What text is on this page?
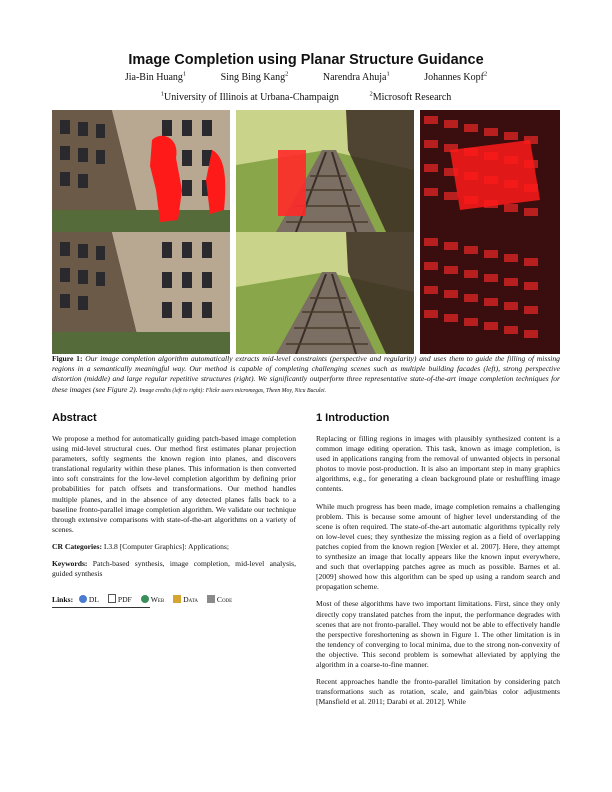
Image Completion using Planar Structure Guidance
Jia-Bin Huang$^1$	Sing Bing Kang$^2$	Narendra Ahuja$^1$	Johannes Kopf$^2$
$^1$University of Illinois at Urbana-Champaign	$^2$Microsoft Research
Figure 1: Our image completion algorithm automatically extracts mid-level constraints (perspective and regularity) and uses them to guide the filling of missing regions in a semantically meaningful way. Our method is capable of completing challenging scenes such as multiple building facades (left), strong perspective distortion (middle) and large regular repetitive structures (right). We significantly outperform three representative state-of-the-art image completion techniques for these images (see Figure 2). Image credits (left to right): Flickr users micromegas, Theen Moy, Nicu Buculei.
Abstract

We propose a method for automatically guiding patch-based image completion using mid-level structural cues. Our method first estimates planar projection parameters, softly segments the known region into planes, and discovers translational regularity within these planes. This information is then converted into soft constraints for the low-level completion algorithm by defining prior probabilities for patch offsets and transformations. Our method handles multiple planes, and in the absence of any detected planes falls back to a baseline fronto-parallel image completion algorithm. We validate our technique through extensive comparisons with state-of-the-art algorithms on a variety of scenes.

CR Categories: I.3.8 [Computer Graphics]: Applications;

Keywords: Patch-based synthesis, image completion, mid-level analysis, guided synthesis

Links: DL PDF Web Data Code
1 Introduction

Replacing or filling regions in images with plausibly synthesized content is a common image editing operation. This task, known as image completion, is used in applications ranging from the removal of unwanted objects in personal photos to movie post-production. It is also an important step in many graphics algorithms, e.g., for generating a clean background plate or reshuffling image contents.

While much progress has been made, image completion remains a challenging problem. This is because some amount of higher level understanding of the scene is often required. The state-of-the-art automatic algorithms typically rely on low-level cues; they synthesize the missing region as a field of overlapping patches copied from the known region [Wexler et al. 2007]. Here, they attempt to synthesize an image that locally appears like the known input everywhere, and such that overlapping patches agree as much as possible. Barnes et al. [2009] showed how this algorithm can be sped up using a random search and propagation scheme.

Most of these algorithms have two important limitations. First, since they only directly copy translated patches from the input, the performance degrades with scenes that are not fronto-parallel. They would not be able to effectively handle the perspective foreshortening as shown in Figure 1. The other limitation is in the tendency of converging to local minima, due to the strong non-convexity of the objective. This second problem is somewhat alleviated by applying the algorithm in a coarse-to-fine manner.

Recent approaches handle the fronto-parallel limitation by considering patch transformations such as rotation, scale, and gain/bias color adjustments [Mansfield et al. 2011; Darabi et al. 2012]. While
